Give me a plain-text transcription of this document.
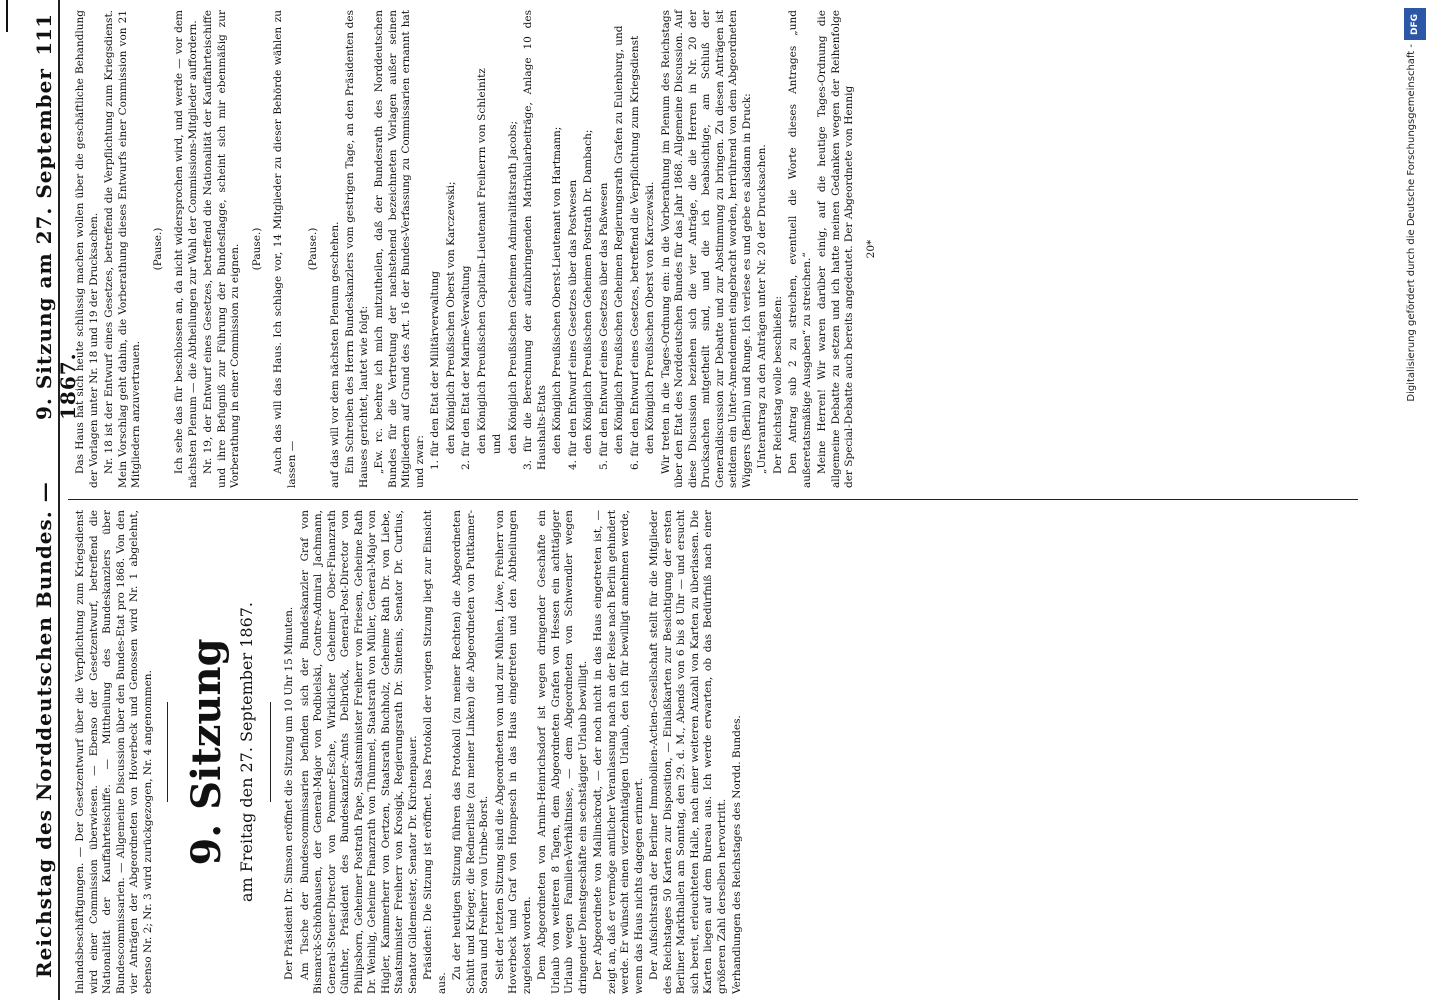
Reichstag des Norddeutschen Bundes. —
9. Sitzung am 27. September 1867.
111

Inlandsbeschäftigungen. — Der Gesetzentwurf über die Verpflichtung zum Kriegsdienst wird einer Commission überwiesen. — Ebenso der Gesetzentwurf, betreffend die Nationalität der Kauffahrteischiffe. — Mittheilung des Bundeskanzlers über Bundescommissarien. — Allgemeine Discussion über den Bundes-Etat pro 1868. Von den vier Anträgen der Abgeordneten von Hoverbeck und Genossen wird Nr. 1 abgelehnt, ebenso Nr. 2; Nr. 3 wird zurückgezogen, Nr. 4 angenommen. 9. Sitzung am Freitag den 27. September 1867.	Der Präsident Dr. Simson eröffnet die Sitzung um 10 Uhr 15 Minuten. Am Tische der Bundescommissarien befinden sich der Bundeskanzler Graf von Bismarck-Schönhausen, der General-Major von Podbielski, Contre-Admiral Jachmann, General-Steuer-Director von Pommer-Esche, Wirklicher Geheimer Ober-Finanzrath Günther, Präsident des Bundeskanzler-Amts Delbrück, General-Post-Director von Philipsborn, Geheimer Postrath Pape, Staatsminister Freiherr von Friesen, Geheime Rath Dr. Weinlig, Geheime Finanzrath von Thümmel, Staatsrath von Müller, General-Major von Hügler, Kammerherr von Oertzen, Staatsrath Buchholz, Geheime Rath Dr. von Liebe, Staatsminister Freiherr von Krosigk, Regierungsrath Dr. Sintenis, Senator Dr. Curtius, Senator Gildemeister, Senator Dr. Kirchenpauer. Präsident: Die Sitzung ist eröffnet. Das Protokoll der vorigen Sitzung liegt zur Einsicht aus.

Zu der heutigen Sitzung führen das Protokoll (zu meiner Rechten) die Abgeordneten Schütt und Krieger, die Rednerliste (zu meiner Linken) die Abgeordneten von Puttkamer-Sorau und Freiherr von Urnbe-Borst. Seit der letzten Sitzung sind die Abgeordneten von und zur Mühlen, Löwe, Freiherr von Hoverbeck und Graf von Hompesch in das Haus eingetreten und den Abtheilungen zugeloost worden. Dem Abgeordneten von Arnim-Heinrichsdorf ist wegen dringender Geschäfte ein Urlaub von weiteren 8 Tagen, dem Abgeordneten Grafen von Hessen ein achttägiger Urlaub wegen Familien-Verhältnisse, — dem Abgeordneten von Schwendler wegen dringender Dienstgeschäfte ein sechstägiger Urlaub bewilligt. Der Abgeordnete von Mallinckrodt, — der noch nicht in das Haus eingetreten ist, — zeigt an, daß er vermöge amtlicher Veranlassung nach an der Reise nach Berlin gehindert werde. Er wünscht einen vierzehntägigen Urlaub, den ich für bewilligt annehmen werde, wenn das Haus nichts dagegen erinnert. Der Aufsichtsrath der Berliner Immobilien-Actien-Gesellschaft stellt für die Mitglieder des Reichstages 50 Karten zur Disposition, — Einlaßkarten zur Besichtigung der ersten Berliner Markthallen am Sonntag, den 29. d. M., Abends von 6 bis 8 Uhr — und ersucht sich bereit, erleuchteten Halle, nach einer weiteren Anzahl von Karten zu überlassen. Die Karten liegen auf dem Bureau aus. Ich werde erwarten, ob das Bedürfniß nach einer größeren Zahl derselben hervortritt. Verhandlungen des Reichstages des Nordd. Bundes.

Das Haus hat sich heute schlüssig machen wollen über die geschäftliche Behandlung der Vorlagen unter Nr. 18 und 19 der Drucksachen. Nr. 18 ist der Entwurf eines Gesetzes, betreffend die Verpflichtung zum Kriegsdienst. Mein Vorschlag geht dahin, die Vorberathung dieses Entwurfs einer Commission von 21 Mitgliedern anzuvertrauen.

(Pause.) Ich sehe das für beschlossen an, da nicht widersprochen wird, und werde — vor dem nächsten Plenum — die Abtheilungen zur Wahl der Commissions-Mitglieder auffordern. Nr. 19, der Entwurf eines Gesetzes, betreffend die Nationalität der Kauffahrteischiffe und ihre Befugniß zur Führung der Bundesflagge, scheint sich mir ebenmäßig zur Vorberathung in einer Commission zu eignen. (Pause.) Auch das will das Haus. Ich schlage vor, 14 Mitglieder zu dieser Behörde wählen zu lassen —

(Pause.) auf das will vor dem nächsten Plenum geschehen. Ein Schreiben des Herrn Bundeskanzlers vom gestrigen Tage, an den Präsidenten des Hauses gerichtet, lautet wie folgt: „Ew. rc. beehre ich mich mitzutheilen, daß der Bundesrath des Norddeutschen Bundes für die Vertretung der nachstehend bezeichneten Vorlagen außer seinen Mitgliedern auf Grund des Art. 16 der Bundes-Verfassung zu Commissarien ernannt hat und zwar: 1. für den Etat der Militärverwaltung den Königlich Preußischen Oberst von Karczewski; 2. für den Etat der Marine-Verwaltung den Königlich Preußischen Capitain-Lieutenant Freiherrn von Schleinitz und den Königlich Preußischen Geheimen Admiralitätsrath Jacobs; 3. für die Berechnung der aufzubringenden Matrikularbeiträge, Anlage 10 des Haushalts-Etats den Königlich Preußischen Oberst-Lieutenant von Hartmann; 4. für den Entwurf eines Gesetzes über das Postwesen den Königlich Preußischen Geheimen Postrath Dr. Dambach; 5. für den Entwurf eines Gesetzes über das Paßwesen den Königlich Preußischen Geheimen Regierungsrath Grafen zu Eulenburg, und 6. für den Entwurf eines Gesetzes, betreffend die Verpflichtung zum Kriegsdienst den Königlich Preußischen Oberst von Karczewski. Wir treten in die Tages-Ordnung ein: in die Vorberathung im Plenum des Reichstags über den Etat des Norddeutschen Bundes für das Jahr 1868. Allgemeine Discussion. Auf diese Discussion beziehen sich die vier Anträge, die die Herren in Nr. 20 der Drucksachen mitgetheilt sind, und die ich beabsichtige, am Schluß der Generaldiscussion zur Debatte und zur Abstimmung zu bringen. Zu diesen Anträgen ist seitdem ein Unter-Amendement eingebracht worden, herrührend von dem Abgeordneten Wiggers (Berlin) und Runge. Ich verlese es und gebe es alsdann in Druck: „Unterantrag zu den Anträgen unter Nr. 20 der Drucksachen. Der Reichstag wolle beschließen: Den Antrag sub 2 zu streichen, eventuell die Worte dieses Antrages „und außeretatsmäßige Ausgaben“ zu streichen.“ Meine Herren! Wir waren darüber einig, auf die heutige Tages-Ordnung die allgemeine Debatte zu setzen und ich hatte meinen Gedanken wegen der Reihenfolge der Special-Debatte auch bereits angedeutet. Der Abgeordnete von Hennig 20*

DFG
Digitalisierung gefördert durch die Deutsche Forschungsgemeinschaft -
